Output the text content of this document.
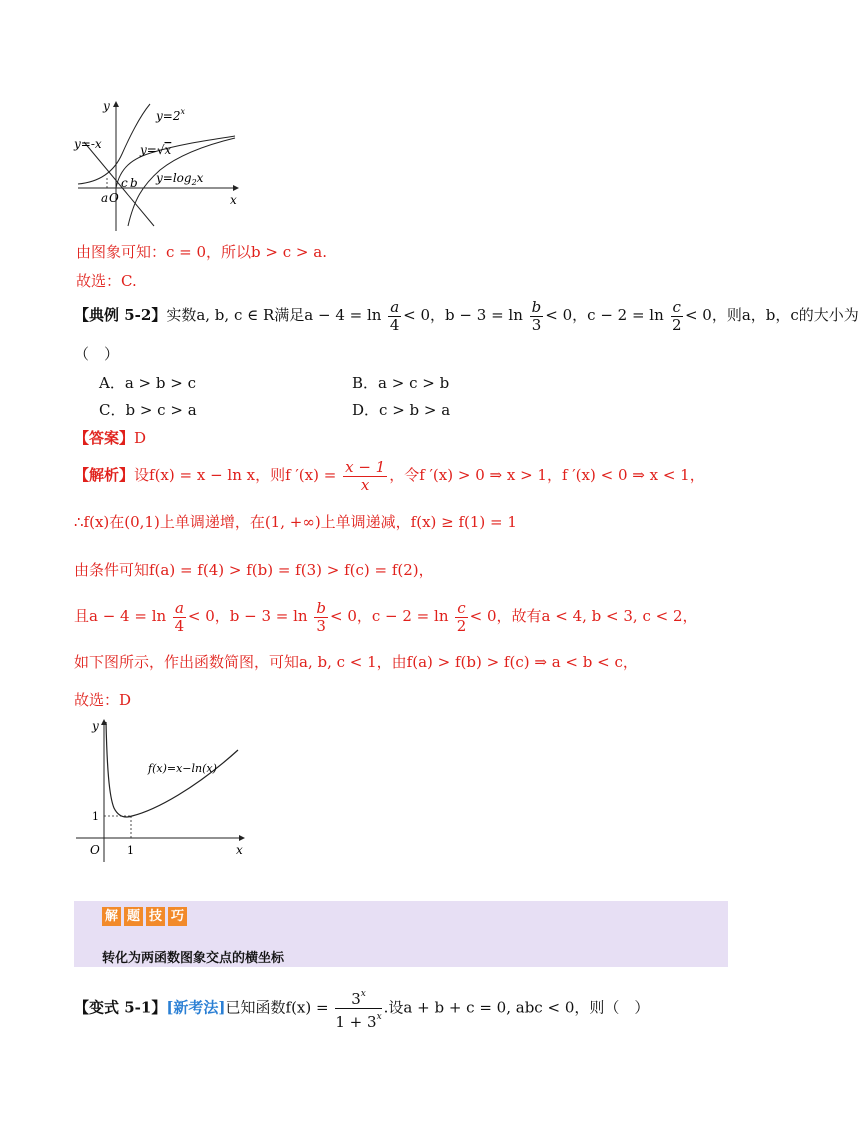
y
x
y=-x
$y=2^x$
y=√x
$y=\log_2x$
c b
a O
由图象可知：c = 0，所以b > c > a.
故选：C.
【典例 5-2】实数a, b, c ∈ R满足$a - 4 = \ln \frac{a}{4} < 0$，$b - 3 = \ln \frac{b}{3} < 0$，$c - 2 = \ln \frac{c}{2} < 0$，则a，b，c的大小为
（　）
A．a > b > c	B．a > c > b
C．b > c > a	D．c > b > a
【答案】D
【解析】设f(x) = x − ln x，则f $'(x) = \frac{x - 1}{x}$ ，令f ′(x) > 0 ⇒ x > 1，f ′(x) < 0 ⇒ x < 1，
∴f(x)在(0,1)上单调递增，在(1, +∞)上单调递减，f(x) ≥ f(1) = 1
由条件可知f(a) = f(4) > f(b) = f(3) > f(c) = f(2)，
且$a - 4 = \ln \frac{a}{4} < 0$，$b - 3 = \ln \frac{b}{3} < 0$，$c - 2 = \ln \frac{c}{2} < 0$，故有a < 4, b < 3, c < 2，
如下图所示，作出函数简图，可知a, b, c < 1，由f(a) > f(b) > f(c) ⇒ a < b < c，
故选：D
y
x
f(x)=x−ln(x)
1
1
O
解 题 技 巧
转化为两函数图象交点的横坐标
【变式 5-1】[新考法]已知函数$f(x) = \frac{3^x}{1 + 3^x}$ .设a + b + c = 0, abc < 0，则（　）
